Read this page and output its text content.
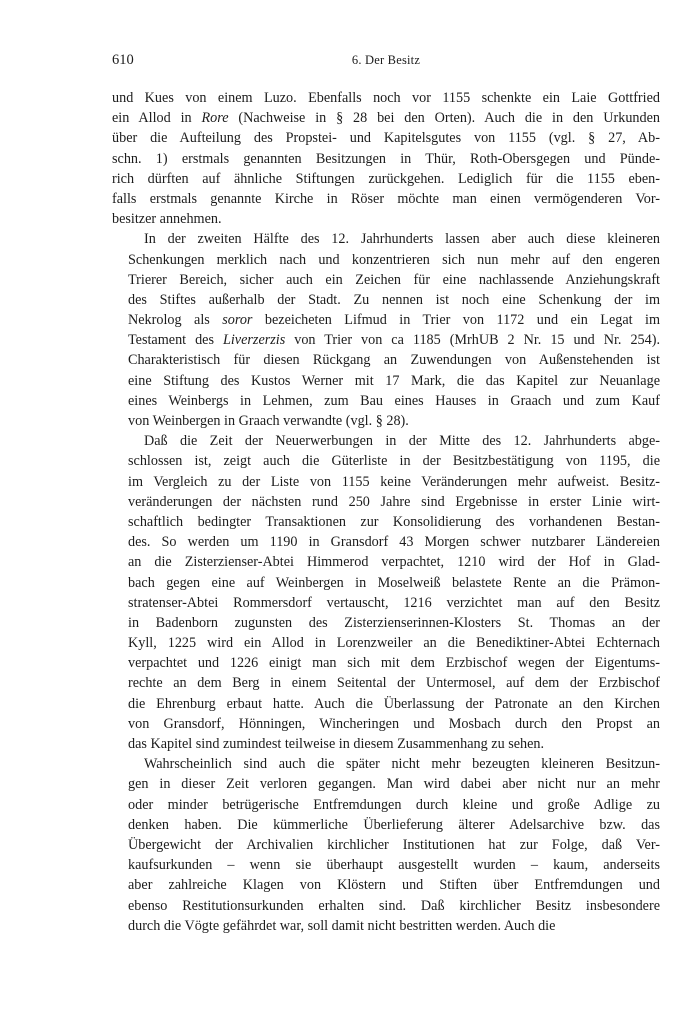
610	6. Der Besitz
und Kues von einem Luzo. Ebenfalls noch vor 1155 schenkte ein Laie Gottfried
ein Allod in Rore (Nachweise in § 28 bei den Orten). Auch die in den Urkunden
über die Aufteilung des Propstei- und Kapitelsgutes von 1155 (vgl. § 27, Ab-
schn. 1) erstmals genannten Besitzungen in Thür, Roth-Obersgegen und Pünde-
rich dürften auf ähnliche Stiftungen zurückgehen. Lediglich für die 1155 eben-
falls erstmals genannte Kirche in Röser möchte man einen vermögenderen Vor-
besitzer annehmen.
In der zweiten Hälfte des 12. Jahrhunderts lassen aber auch diese kleineren
Schenkungen merklich nach und konzentrieren sich nun mehr auf den engeren
Trierer Bereich, sicher auch ein Zeichen für eine nachlassende Anziehungskraft
des Stiftes außerhalb der Stadt. Zu nennen ist noch eine Schenkung der im
Nekrolog als soror bezeicheten Lifmud in Trier von 1172 und ein Legat im
Testament des Liverzerzis von Trier von ca 1185 (MrhUB 2 Nr. 15 und Nr. 254).
Charakteristisch für diesen Rückgang an Zuwendungen von Außenstehenden ist
eine Stiftung des Kustos Werner mit 17 Mark, die das Kapitel zur Neuanlage
eines Weinbergs in Lehmen, zum Bau eines Hauses in Graach und zum Kauf
von Weinbergen in Graach verwandte (vgl. § 28).
Daß die Zeit der Neuerwerbungen in der Mitte des 12. Jahrhunderts abge-
schlossen ist, zeigt auch die Güterliste in der Besitzbestätigung von 1195, die
im Vergleich zu der Liste von 1155 keine Veränderungen mehr aufweist. Besitz-
veränderungen der nächsten rund 250 Jahre sind Ergebnisse in erster Linie wirt-
schaftlich bedingter Transaktionen zur Konsolidierung des vorhandenen Bestan-
des. So werden um 1190 in Gransdorf 43 Morgen schwer nutzbarer Ländereien
an die Zisterzienser-Abtei Himmerod verpachtet, 1210 wird der Hof in Glad-
bach gegen eine auf Weinbergen in Moselweiß belastete Rente an die Prämon-
stratenser-Abtei Rommersdorf vertauscht, 1216 verzichtet man auf den Besitz
in Badenborn zugunsten des Zisterzienserinnen-Klosters St. Thomas an der
Kyll, 1225 wird ein Allod in Lorenzweiler an die Benediktiner-Abtei Echternach
verpachtet und 1226 einigt man sich mit dem Erzbischof wegen der Eigentums-
rechte an dem Berg in einem Seitental der Untermosel, auf dem der Erzbischof
die Ehrenburg erbaut hatte. Auch die Überlassung der Patronate an den Kirchen
von Gransdorf, Hönningen, Wincheringen und Mosbach durch den Propst an
das Kapitel sind zumindest teilweise in diesem Zusammenhang zu sehen.
Wahrscheinlich sind auch die später nicht mehr bezeugten kleineren Besitzun-
gen in dieser Zeit verloren gegangen. Man wird dabei aber nicht nur an mehr
oder minder betrügerische Entfremdungen durch kleine und große Adlige zu
denken haben. Die kümmerliche Überlieferung älterer Adelsarchive bzw. das
Übergewicht der Archivalien kirchlicher Institutionen hat zur Folge, daß Ver-
kaufsurkunden – wenn sie überhaupt ausgestellt wurden – kaum, anderseits
aber zahlreiche Klagen von Klöstern und Stiften über Entfremdungen und
ebenso Restitutionsurkunden erhalten sind. Daß kirchlicher Besitz insbesondere
durch die Vögte gefährdet war, soll damit nicht bestritten werden. Auch die
